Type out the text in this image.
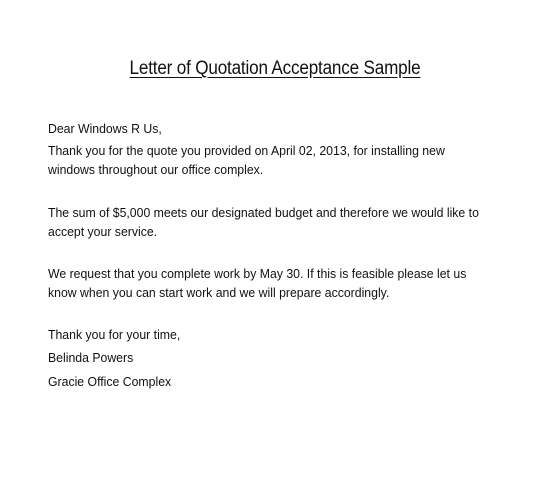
Letter of Quotation Acceptance Sample
Dear Windows R Us,
Thank you for the quote you provided on April 02, 2013, for installing new windows throughout our office complex.
The sum of $5,000 meets our designated budget and therefore we would like to accept your service.
We request that you complete work by May 30. If this is feasible please let us know when you can start work and we will prepare accordingly.
Thank you for your time,
Belinda Powers
Gracie Office Complex
